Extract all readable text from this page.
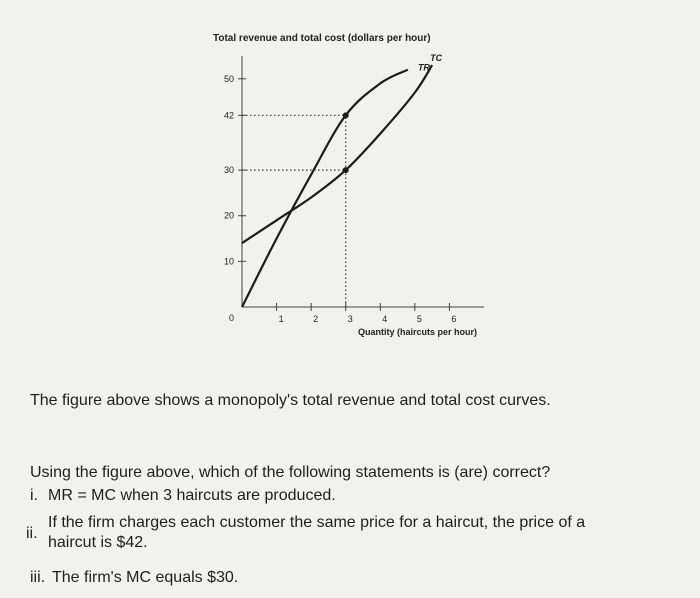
Total revenue and total cost (dollars per hour)
TC
TR
10
20
30
42
50
1	2	3	4	5	6
0
Quantity (haircuts per hour)
The figure above shows a monopoly's total revenue and total cost curves.
Using the figure above, which of the following statements is (are) correct?
i. MR = MC when 3 haircuts are produced.
ii.
If the firm charges each customer the same price for a haircut, the price of a haircut is $42.
iii. The firm's MC equals $30.
